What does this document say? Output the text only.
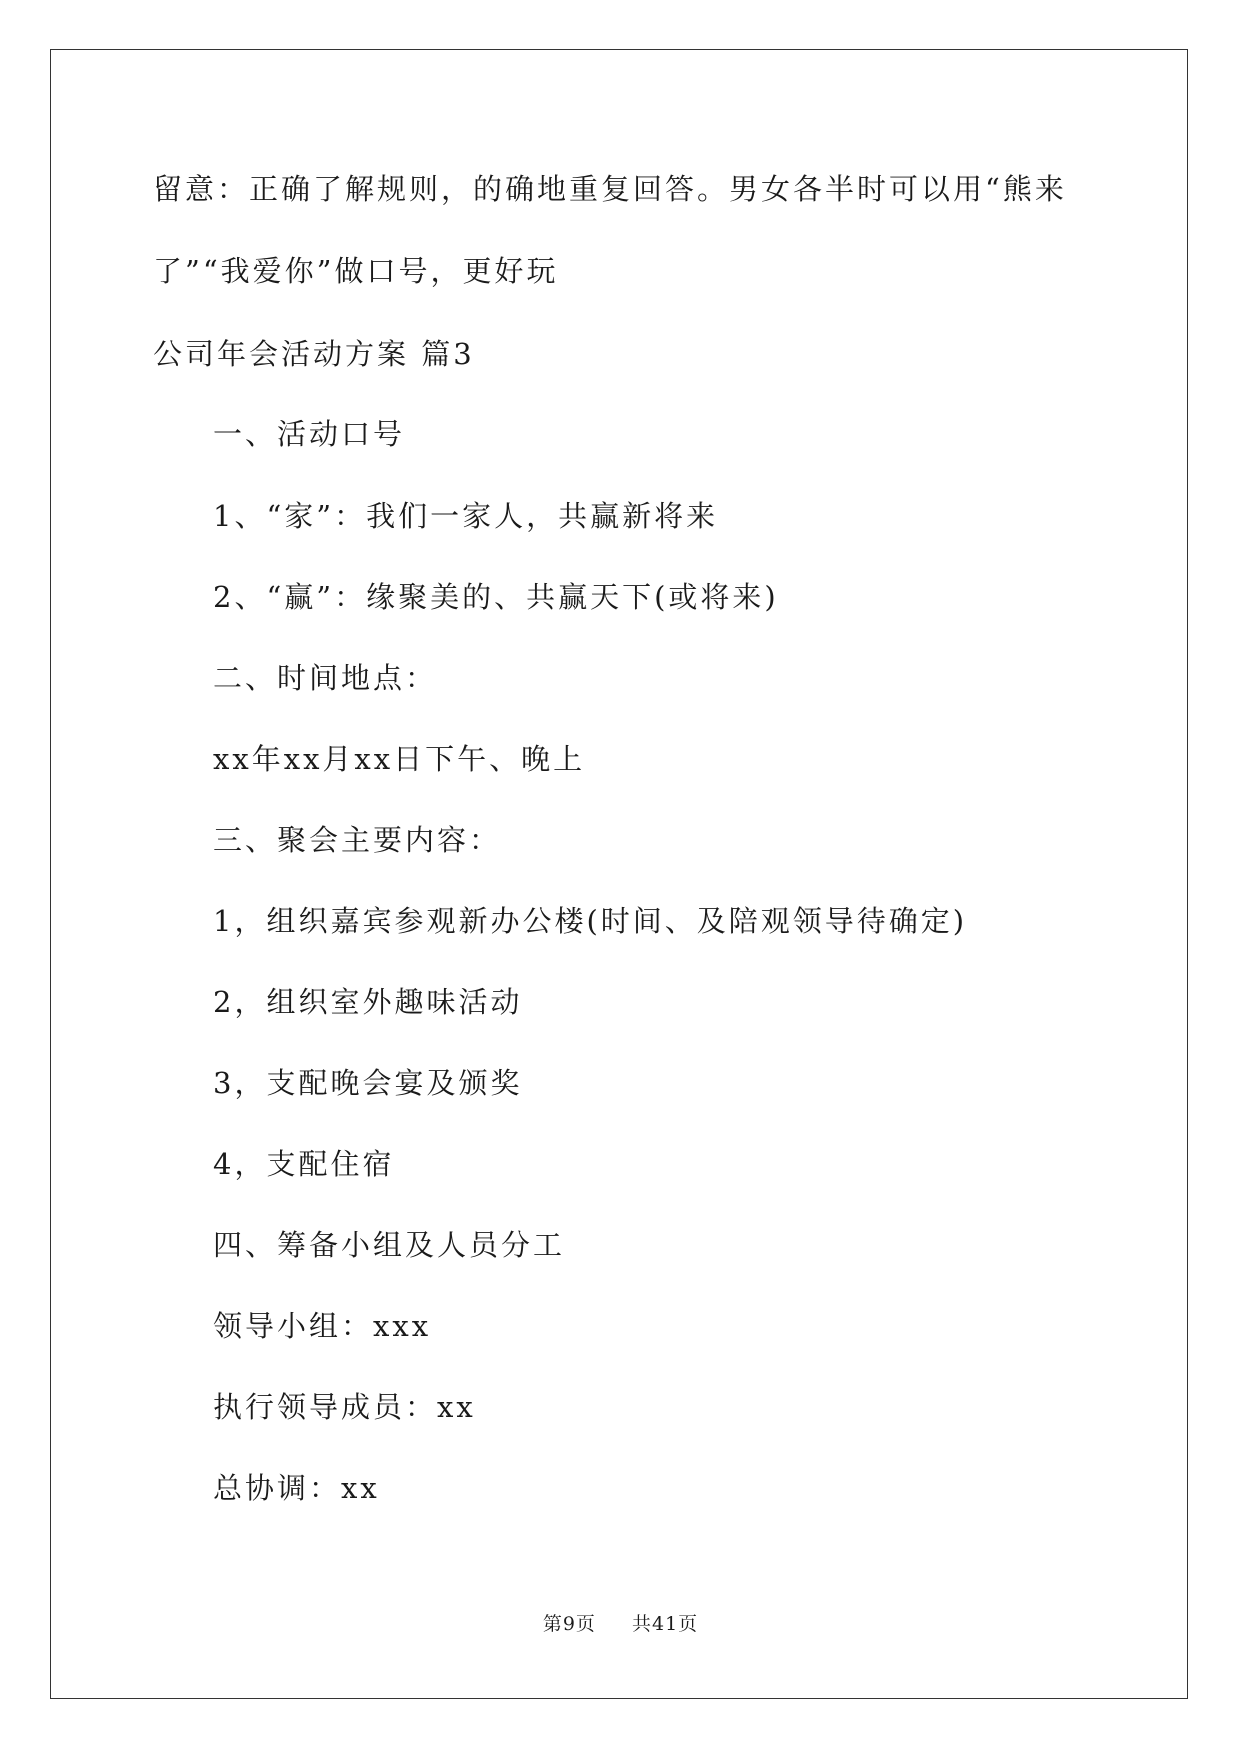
留意：正确了解规则，的确地重复回答。男女各半时可以用“熊来
了”“我爱你”做口号，更好玩
公司年会活动方案 篇3
一、活动口号
1、“家”：我们一家人，共赢新将来
2、“赢”：缘聚美的、共赢天下(或将来)
二、时间地点：
xx年xx月xx日下午、晚上
三、聚会主要内容：
1，组织嘉宾参观新办公楼(时间、及陪观领导待确定)
2，组织室外趣味活动
3，支配晚会宴及颁奖
4，支配住宿
四、筹备小组及人员分工
领导小组：xxx
执行领导成员：xx
总协调：xx
第9页 共41页
